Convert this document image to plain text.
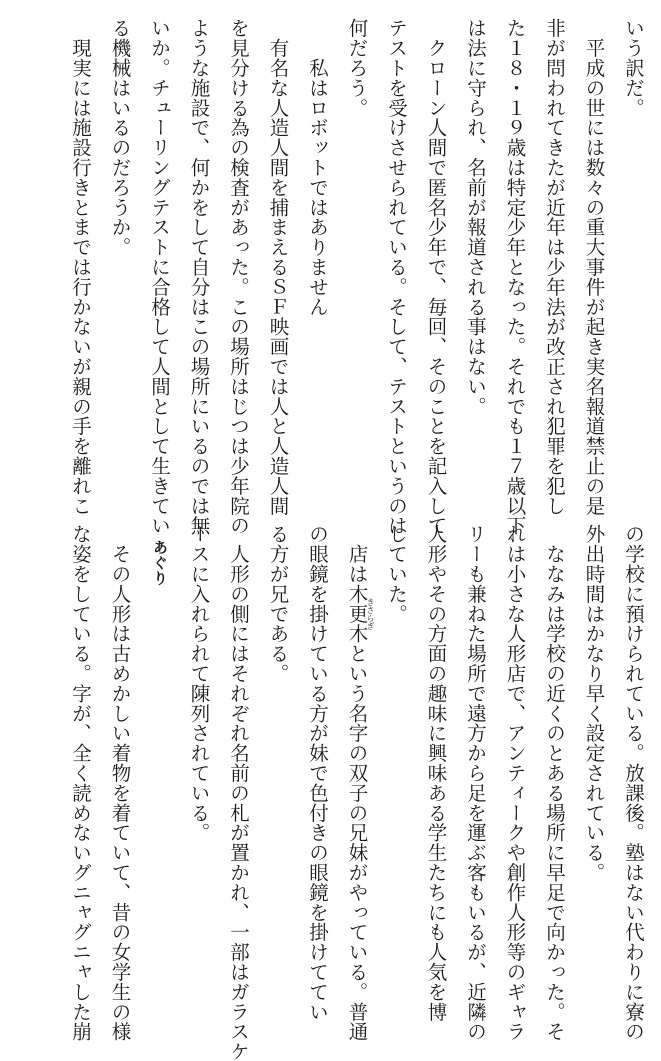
いう訳だ。
　平成の世には数々の重大事件が起き実名報道禁止の是
非が問われてきたが近年は少年法が改正され犯罪を犯し
た１８・１９歳は特定少年となった。それでも１７歳以下
は法に守られ、名前が報道される事はない。
　クローン人間で匿名少年で、毎回、そのことを記入して
テストを受けさせられている。そして、テストというのは
何だろう。
　　私はロボットではありません
　有名な人造人間を捕まえるＳＦ映画では人と人造人間
を見分ける為の検査があった。この場所はじつは少年院の
ような施設で、何かをして自分はこの場所にいるのでは無
いか。チューリングテストに合格して人間として生きてい
る機械はいるのだろうか。
　現実には施設行きとまでは行かないが親の手を離れこ
の学校に預けられている。放課後。塾はない代わりに寮の
外出時間はかなり早く設定されている。
　ななみは学校の近くのとある場所に早足で向かった。そ
れは小さな人形店で、アンティークや創作人形等のギャラ
リーも兼ねた場所で遠方から足を運ぶ客もいるが、近隣の
人形やその方面の趣味に興味ある学生たちにも人気を博
していた。
　店は木更木という名字の双子の兄妹がやっている。普通
の眼鏡を掛けている方が妹で色付きの眼鏡を掛けててい
る方が兄である。
　人形の側にはそれぞれ名前の札が置かれ、一部はガラスケ
ースに入れられて陳列されている。
　あぐり
　その人形は古めかしい着物を着ていて、昔の女学生の様
な姿をしている。字が、全く読めないグニャグニャした崩	きさらぎ
